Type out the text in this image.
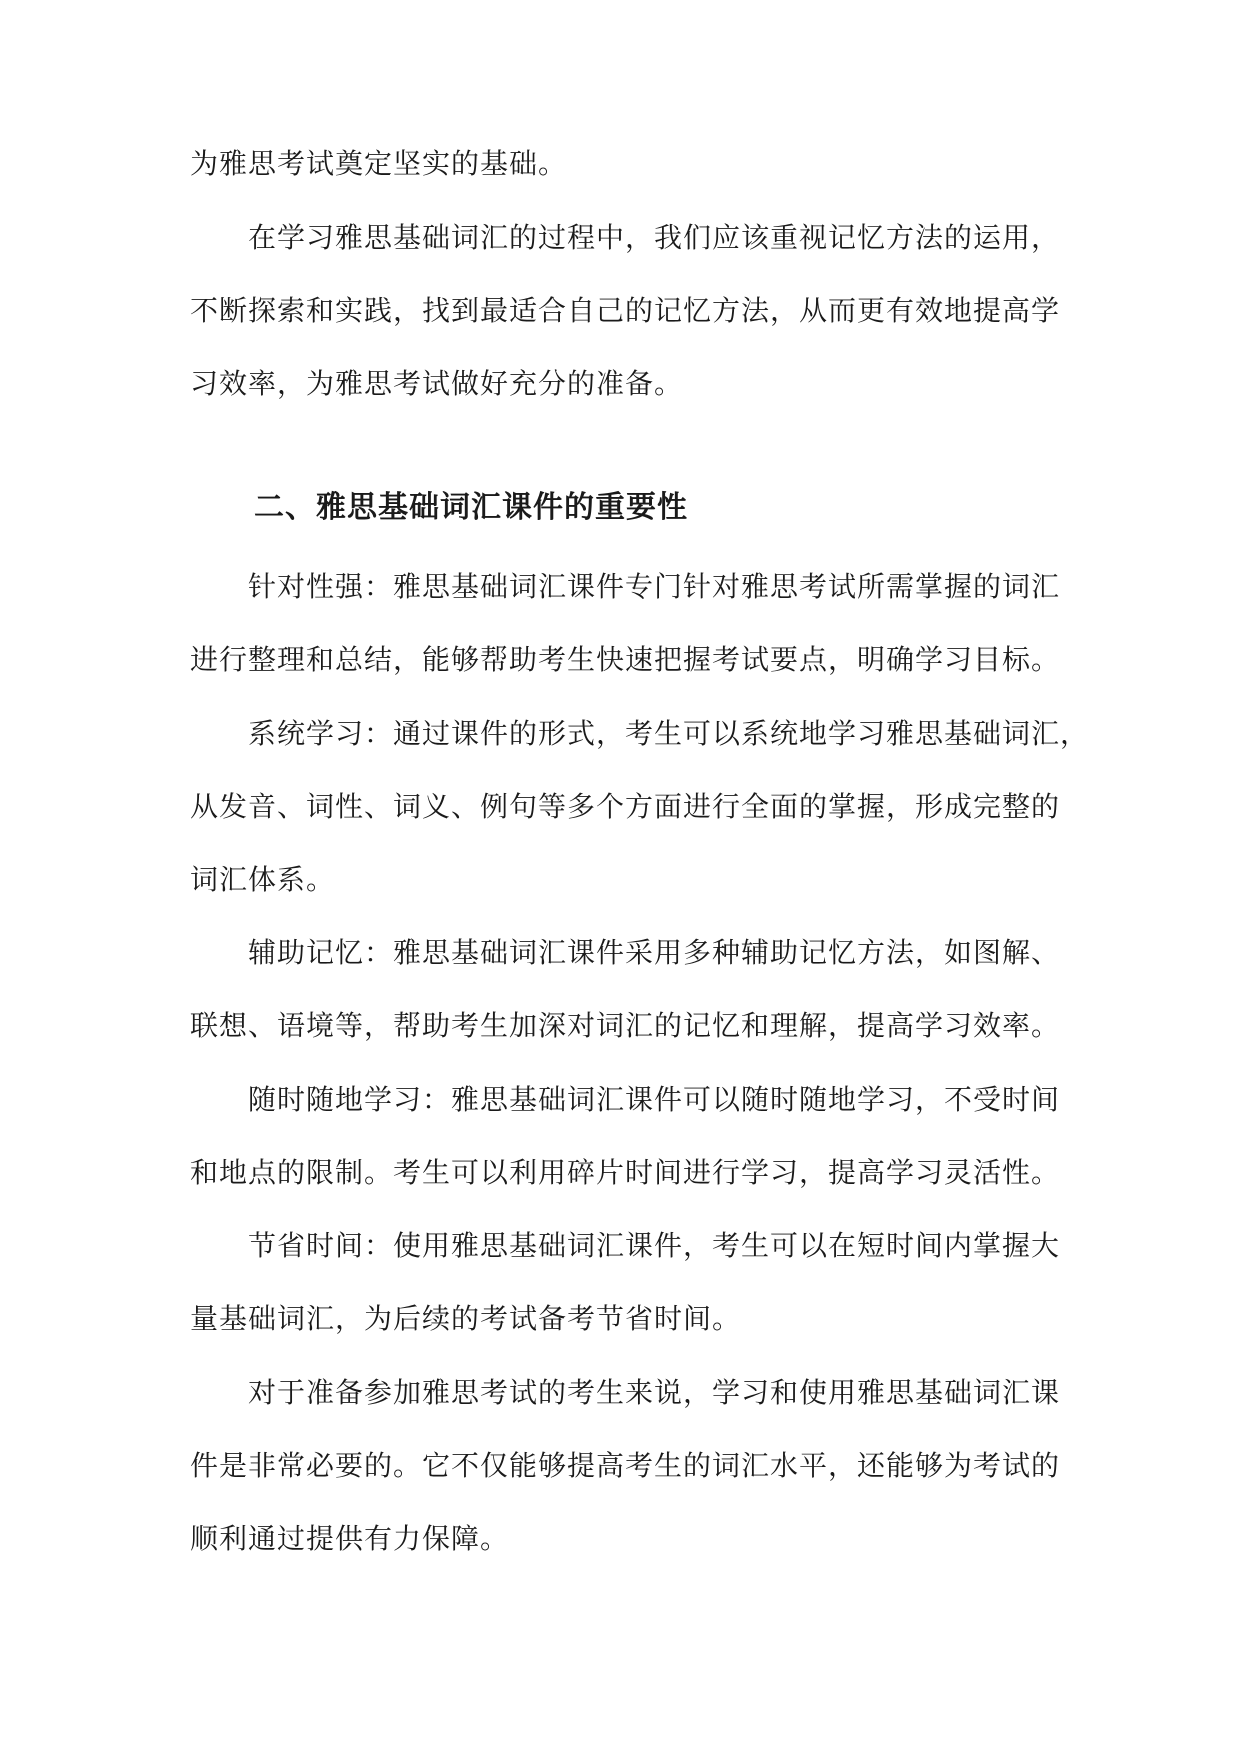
为雅思考试奠定坚实的基础。
在学习雅思基础词汇的过程中，我们应该重视记忆方法的运用，
不断探索和实践，找到最适合自己的记忆方法，从而更有效地提高学
习效率，为雅思考试做好充分的准备。
二、雅思基础词汇课件的重要性
针对性强：雅思基础词汇课件专门针对雅思考试所需掌握的词汇
进行整理和总结，能够帮助考生快速把握考试要点，明确学习目标。
系统学习：通过课件的形式，考生可以系统地学习雅思基础词汇，
从发音、词性、词义、例句等多个方面进行全面的掌握，形成完整的
词汇体系。
辅助记忆：雅思基础词汇课件采用多种辅助记忆方法，如图解、
联想、语境等，帮助考生加深对词汇的记忆和理解，提高学习效率。
随时随地学习：雅思基础词汇课件可以随时随地学习，不受时间
和地点的限制。考生可以利用碎片时间进行学习，提高学习灵活性。
节省时间：使用雅思基础词汇课件，考生可以在短时间内掌握大
量基础词汇，为后续的考试备考节省时间。
对于准备参加雅思考试的考生来说，学习和使用雅思基础词汇课
件是非常必要的。它不仅能够提高考生的词汇水平，还能够为考试的
顺利通过提供有力保障。
